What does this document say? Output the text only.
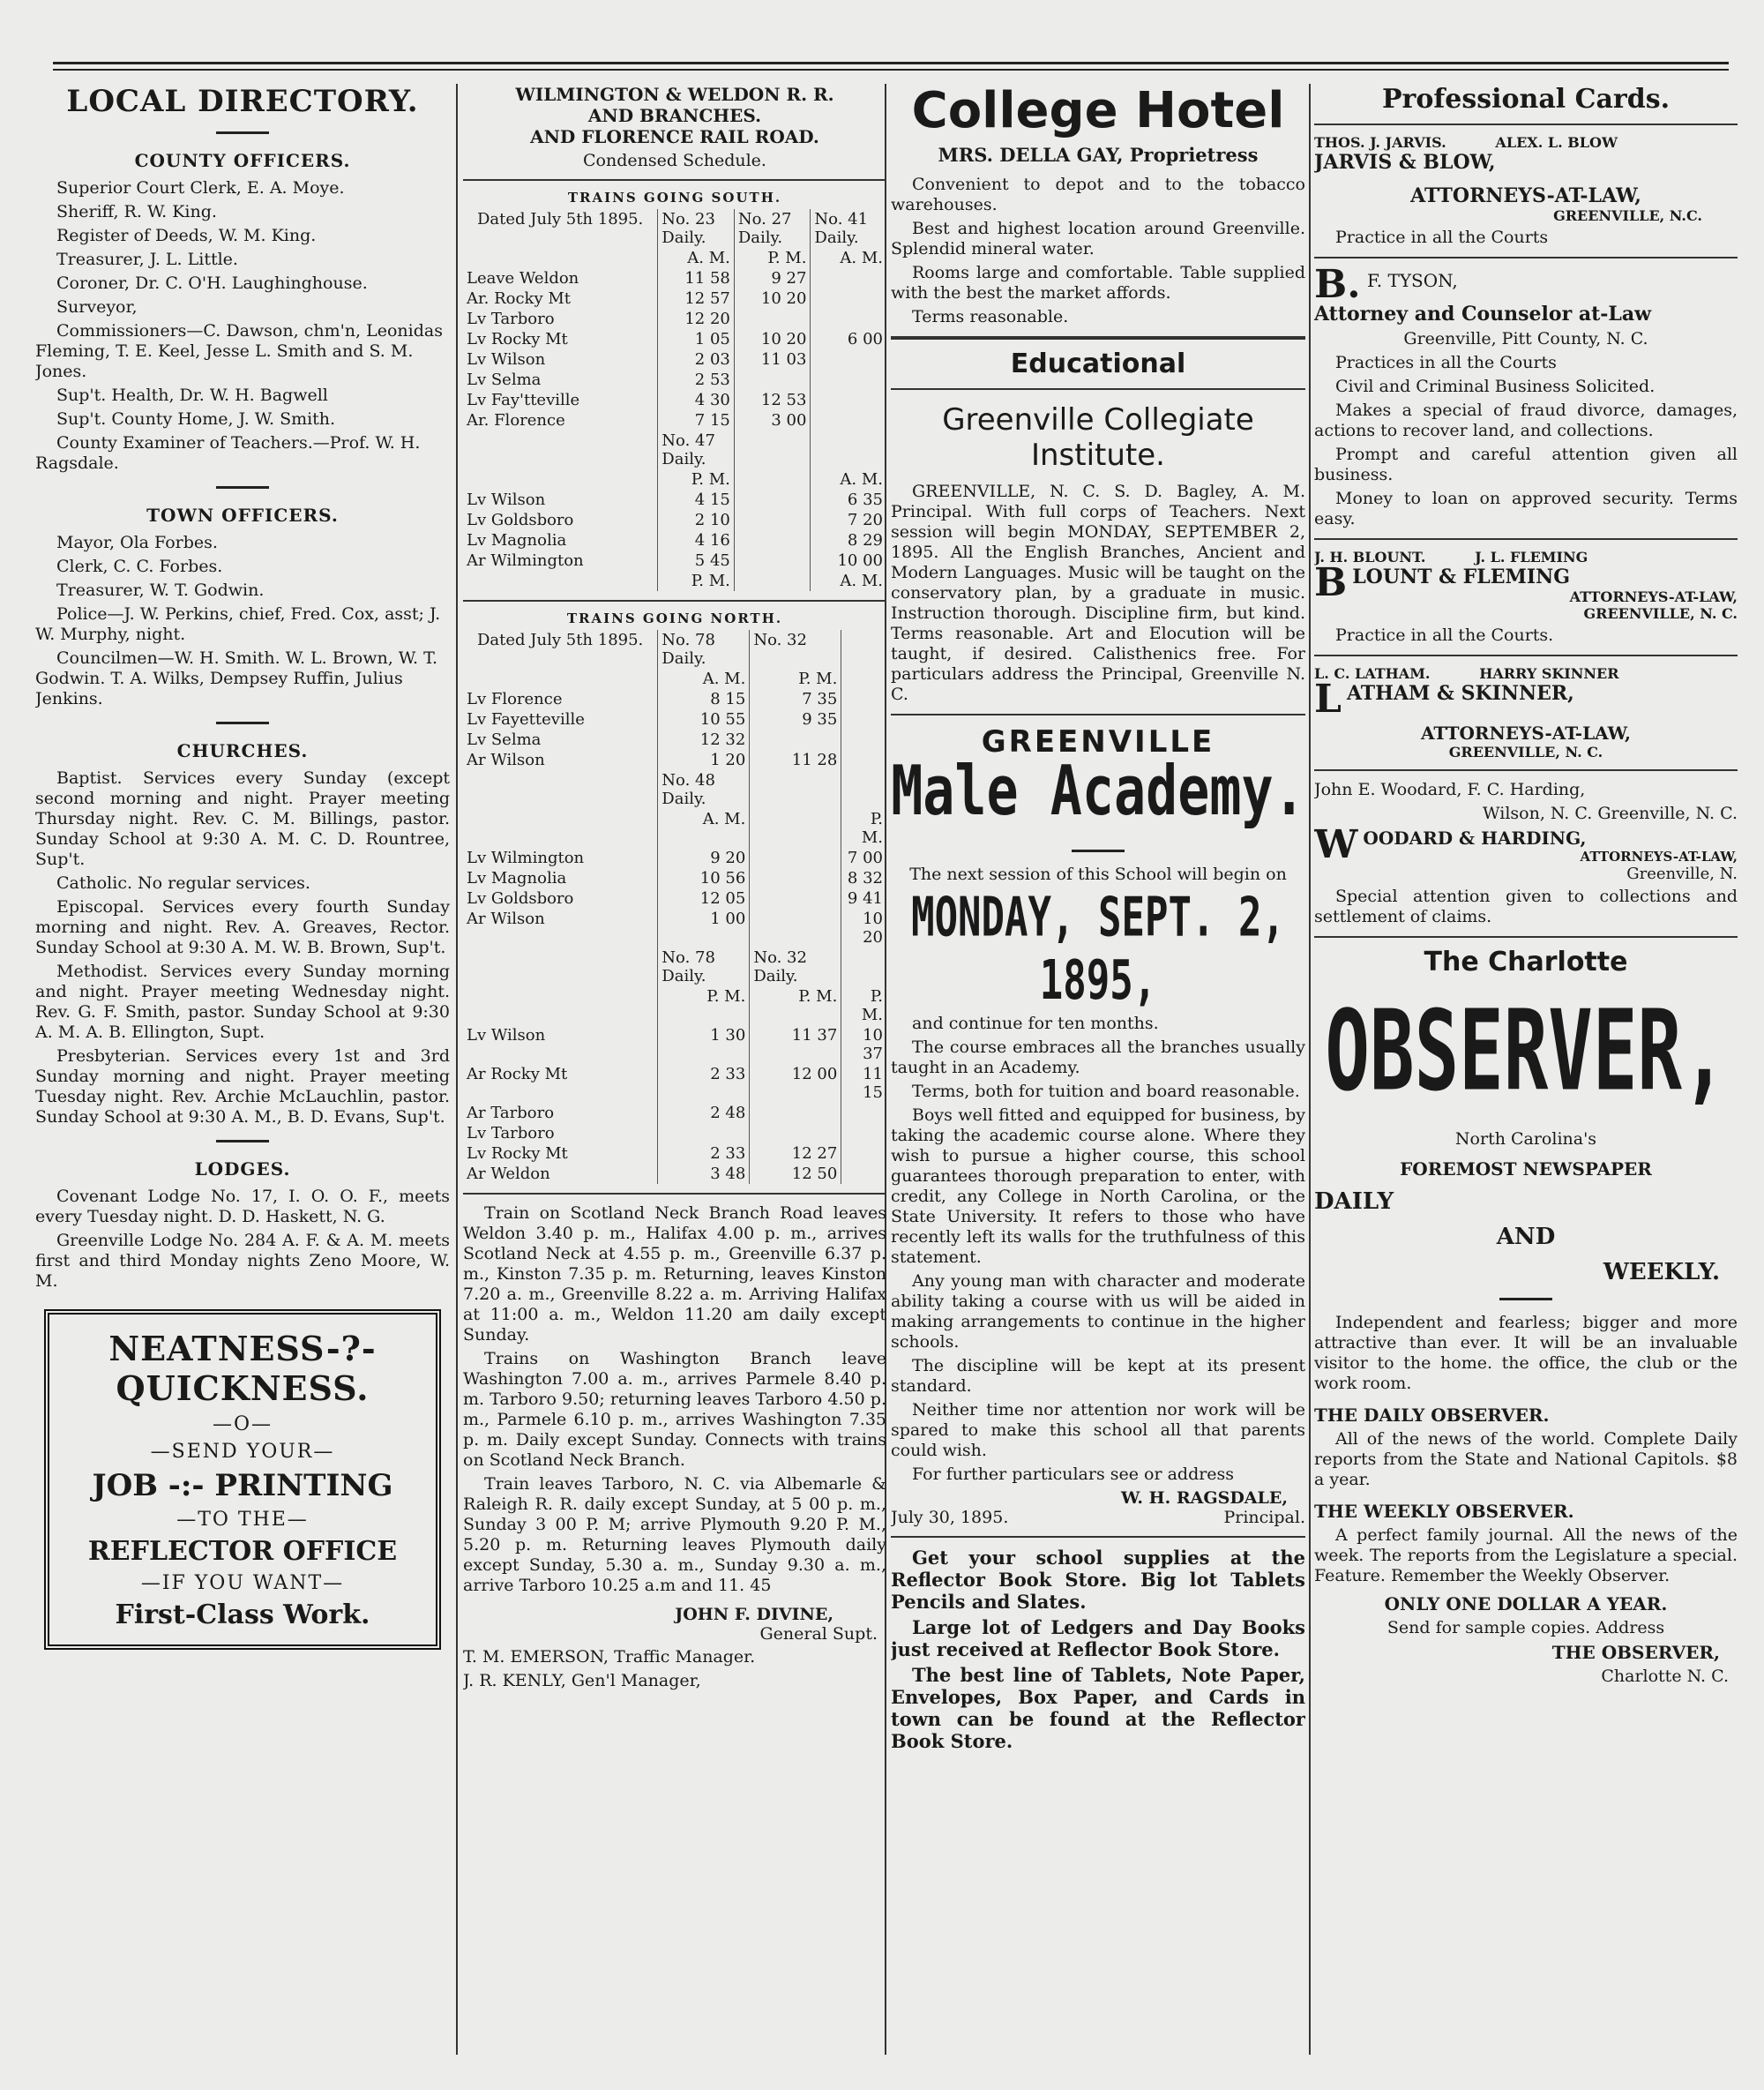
LOCAL DIRECTORY.
COUNTY OFFICERS.
Superior Court Clerk, E. A. Moye.
Sheriff, R. W. King.
Register of Deeds, W. M. King.
Treasurer, J. L. Little.
Coroner, Dr. C. O'H. Laughinghouse.
Surveyor,
Commissioners—C. Dawson, chm'n, Leonidas Fleming, T. E. Keel, Jesse L. Smith and S. M. Jones.
Sup't. Health, Dr. W. H. Bagwell
Sup't. County Home, J. W. Smith.
County Examiner of Teachers.—Prof. W. H. Ragsdale.
TOWN OFFICERS.
Mayor, Ola Forbes.
Clerk, C. C. Forbes.
Treasurer, W. T. Godwin.
Police—J. W. Perkins, chief, Fred. Cox, asst; J. W. Murphy, night.
Councilmen—W. H. Smith. W. L. Brown, W. T. Godwin. T. A. Wilks, Dempsey Ruffin, Julius Jenkins.
CHURCHES.
Baptist. Services every Sunday (except second morning and night. Prayer meeting Thursday night. Rev. C. M. Billings, pastor. Sunday School at 9:30 A. M. C. D. Rountree, Sup't.
Catholic. No regular services.
Episcopal. Services every fourth Sunday morning and night. Rev. A. Greaves, Rector. Sunday School at 9:30 A. M. W. B. Brown, Sup't.
Methodist. Services every Sunday morning and night. Prayer meeting Wednesday night. Rev. G. F. Smith, pastor. Sunday School at 9:30 A. M. A. B. Ellington, Supt.
Presbyterian. Services every 1st and 3rd Sunday morning and night. Prayer meeting Tuesday night. Rev. Archie McLauchlin, pastor. Sunday School at 9:30 A. M., B. D. Evans, Sup't.
LODGES.
Covenant Lodge No. 17, I. O. O. F., meets every Tuesday night. D. D. Haskett, N. G.
Greenville Lodge No. 284 A. F. & A. M. meets first and third Monday nights Zeno Moore, W. M.
NEATNESS-?-QUICKNESS.
—O—
—SEND YOUR—
JOB -:- PRINTING
—TO THE—
REFLECTOR OFFICE
—IF YOU WANT—
First-Class Work.
WILMINGTON & WELDON R. R.
AND BRANCHES.
AND FLORENCE RAIL ROAD.
Condensed Schedule.
TRAINS GOING SOUTH.
Dated July 5th 1895.	No. 23 Daily.	No. 27 Daily.	No. 41 Daily.
	A. M.	P. M.	A. M.
Leave Weldon	11 58	9 27	
Ar. Rocky Mt	12 57	10 20	
Lv Tarboro	12 20		
Lv Rocky Mt	1 05	10 20	6 00
Lv Wilson	2 03	11 03	
Lv Selma	2 53		
Lv Fay'tteville	4 30	12 53	
Ar. Florence	7 15	3 00	
	No. 47 Daily.		
	P. M.		A. M.
Lv Wilson	4 15		6 35
Lv Goldsboro	2 10		7 20
Lv Magnolia	4 16		8 29
Ar Wilmington	5 45		10 00
	P. M.		A. M.
TRAINS GOING NORTH.
Dated July 5th 1895.	No. 78 Daily.	No. 32	
	A. M.	P. M.	
Lv Florence	8 15	7 35	
Lv Fayetteville	10 55	9 35	
Lv Selma	12 32		
Ar Wilson	1 20	11 28	
	No. 48 Daily.		
	A. M.		P. M.
Lv Wilmington	9 20		7 00
Lv Magnolia	10 56		8 32
Lv Goldsboro	12 05		9 41
Ar Wilson	1 00		10 20
	No. 78 Daily.	No. 32 Daily.	
	P. M.	P. M.	P. M.
Lv Wilson	1 30	11 37	10 37
Ar Rocky Mt	2 33	12 00	11 15
Ar Tarboro	2 48		
Lv Tarboro			
Lv Rocky Mt	2 33	12 27	
Ar Weldon	3 48	12 50	
Train on Scotland Neck Branch Road leaves Weldon 3.40 p. m., Halifax 4.00 p. m., arrives Scotland Neck at 4.55 p. m., Greenville 6.37 p. m., Kinston 7.35 p. m. Returning, leaves Kinston 7.20 a. m., Greenville 8.22 a. m. Arriving Halifax at 11:00 a. m., Weldon 11.20 am daily except Sunday.
Trains on Washington Branch leave Washington 7.00 a. m., arrives Parmele 8.40 p. m. Tarboro 9.50; returning leaves Tarboro 4.50 p. m., Parmele 6.10 p. m., arrives Washington 7.35 p. m. Daily except Sunday. Connects with trains on Scotland Neck Branch.
Train leaves Tarboro, N. C. via Albemarle & Raleigh R. R. daily except Sunday, at 5 00 p. m., Sunday 3 00 P. M; arrive Plymouth 9.20 P. M., 5.20 p. m. Returning leaves Plymouth daily except Sunday, 5.30 a. m., Sunday 9.30 a. m., arrive Tarboro 10.25 a.m and 11. 45
JOHN F. DIVINE,
General Supt.
T. M. EMERSON, Traffic Manager.
J. R. KENLY, Gen'l Manager,
College Hotel
MRS. DELLA GAY, Proprietress
Convenient to depot and to the tobacco warehouses.
Best and highest location around Greenville. Splendid mineral water.
Rooms large and comfortable. Table supplied with the best the market affords.
Terms reasonable.
Educational
Greenville Collegiate
Institute.
GREENVILLE, N. C. S. D. Bagley, A. M. Principal. With full corps of Teachers. Next session will begin MONDAY, SEPTEMBER 2, 1895. All the English Branches, Ancient and Modern Languages. Music will be taught on the conservatory plan, by a graduate in music. Instruction thorough. Discipline firm, but kind. Terms reasonable. Art and Elocution will be taught, if desired. Calisthenics free. For particulars address the Principal, Greenville N. C.
GREENVILLE
Male Academy.
The next session of this School will begin on
MONDAY, SEPT. 2, 1895,
and continue for ten months.
The course embraces all the branches usually taught in an Academy.
Terms, both for tuition and board reasonable.
Boys well fitted and equipped for business, by taking the academic course alone. Where they wish to pursue a higher course, this school guarantees thorough preparation to enter, with credit, any College in North Carolina, or the State University. It refers to those who have recently left its walls for the truthfulness of this statement.
Any young man with character and moderate ability taking a course with us will be aided in making arrangements to continue in the higher schools.
The discipline will be kept at its present standard.
Neither time nor attention nor work will be spared to make this school all that parents could wish.
For further particulars see or address
W. H. RAGSDALE,
July 30, 1895.	Principal.
Get your school supplies at the Reflector Book Store. Big lot Tablets Pencils and Slates.
Large lot of Ledgers and Day Books just received at Reflector Book Store.
The best line of Tablets, Note Paper, Envelopes, Box Paper, and Cards in town can be found at the Reflector Book Store.
Professional Cards.
THOS. J. JARVIS.          ALEX. L. BLOW
JARVIS & BLOW,
ATTORNEYS-AT-LAW,
GREENVILLE, N.C.
Practice in all the Courts
B. F. TYSON,
Attorney and Counselor at-Law
Greenville, Pitt County, N. C.
Practices in all the Courts
Civil and Criminal Business Solicited.
Makes a special of fraud divorce, damages, actions to recover land, and collections.
Prompt and careful attention given all business.
Money to loan on approved security. Terms easy.
J. H. BLOUNT.          J. L. FLEMING
B LOUNT & FLEMING
ATTORNEYS-AT-LAW,
GREENVILLE, N. C.
Practice in all the Courts.
L. C. LATHAM.          HARRY SKINNER
L ATHAM & SKINNER,
ATTORNEYS-AT-LAW,
GREENVILLE, N. C.
John E. Woodard, F. C. Harding,
Wilson, N. C. Greenville, N. C.
W OODARD & HARDING,
ATTORNEYS-AT-LAW,
Greenville, N.
Special attention given to collections and settlement of claims.
The Charlotte
OBSERVER,
North Carolina's
FOREMOST NEWSPAPER
DAILY
AND
WEEKLY.
Independent and fearless; bigger and more attractive than ever. It will be an invaluable visitor to the home. the office, the club or the work room.
THE DAILY OBSERVER.
All of the news of the world. Complete Daily reports from the State and National Capitols. $8 a year.
THE WEEKLY OBSERVER.
A perfect family journal. All the news of the week. The reports from the Legislature a special. Feature. Remember the Weekly Observer.
ONLY ONE DOLLAR A YEAR.
Send for sample copies. Address
THE OBSERVER,
Charlotte N. C.
